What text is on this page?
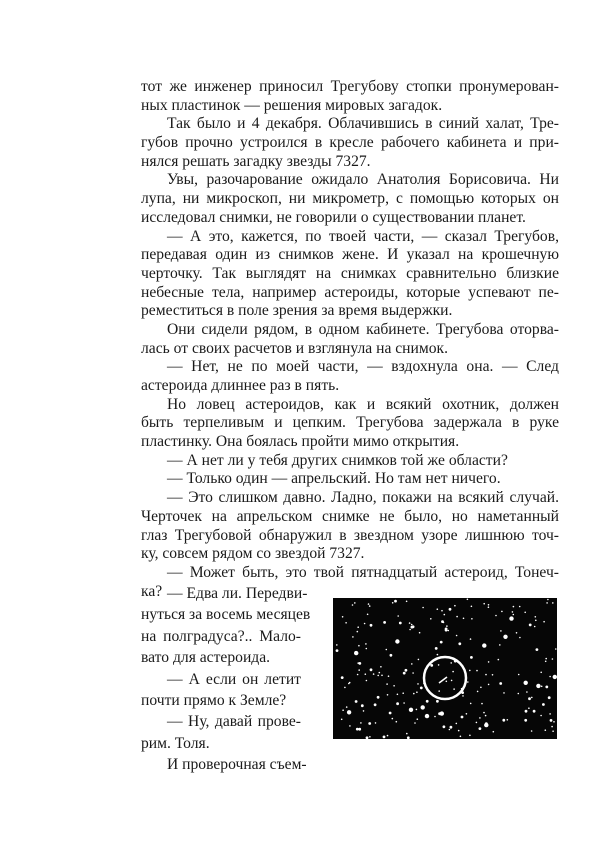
тот же инженер приносил Трегубову стопки пронумерован-
ных пластинок — решения мировых загадок.
Так было и 4 декабря. Облачившись в синий халат, Тре-
губов прочно устроился в кресле рабочего кабинета и при-
нялся решать загадку звезды 7327.
Увы, разочарование ожидало Анатолия Борисовича. Ни
лупа, ни микроскоп, ни микрометр, с помощью которых он
исследовал снимки, не говорили о существовании планет.
— А это, кажется, по твоей части, — сказал Трегубов,
передавая один из снимков жене. И указал на крошечную
черточку. Так выглядят на снимках сравнительно близкие
небесные тела, например астероиды, которые успевают пе-
реместиться в поле зрения за время выдержки.
Они сидели рядом, в одном кабинете. Трегубова оторва-
лась от своих расчетов и взглянула на снимок.
— Нет, не по моей части, — вздохнула она. — След
астероида длиннее раз в пять.
Но ловец астероидов, как и всякий охотник, должен
быть терпеливым и цепким. Трегубова задержала в руке
пластинку. Она боялась пройти мимо открытия.
— А нет ли у тебя других снимков той же области?
— Только один — апрельский. Но там нет ничего.
— Это слишком давно. Ладно, покажи на всякий случай.
Черточек на апрельском снимке не было, но наметанный
глаз Трегубовой обнаружил в звездном узоре лишнюю точ-
ку, совсем рядом со звездой 7327.
— Может быть, это твой пятнадцатый астероид, Тонеч-
ка? — Едва ли. Передви-
нуться за восемь месяцев
на полградуса?.. Мало-
вато для астероида.
— А если он летит
почти прямо к Земле?
— Ну, давай прове-
рим. Толя.
И проверочная съем-
